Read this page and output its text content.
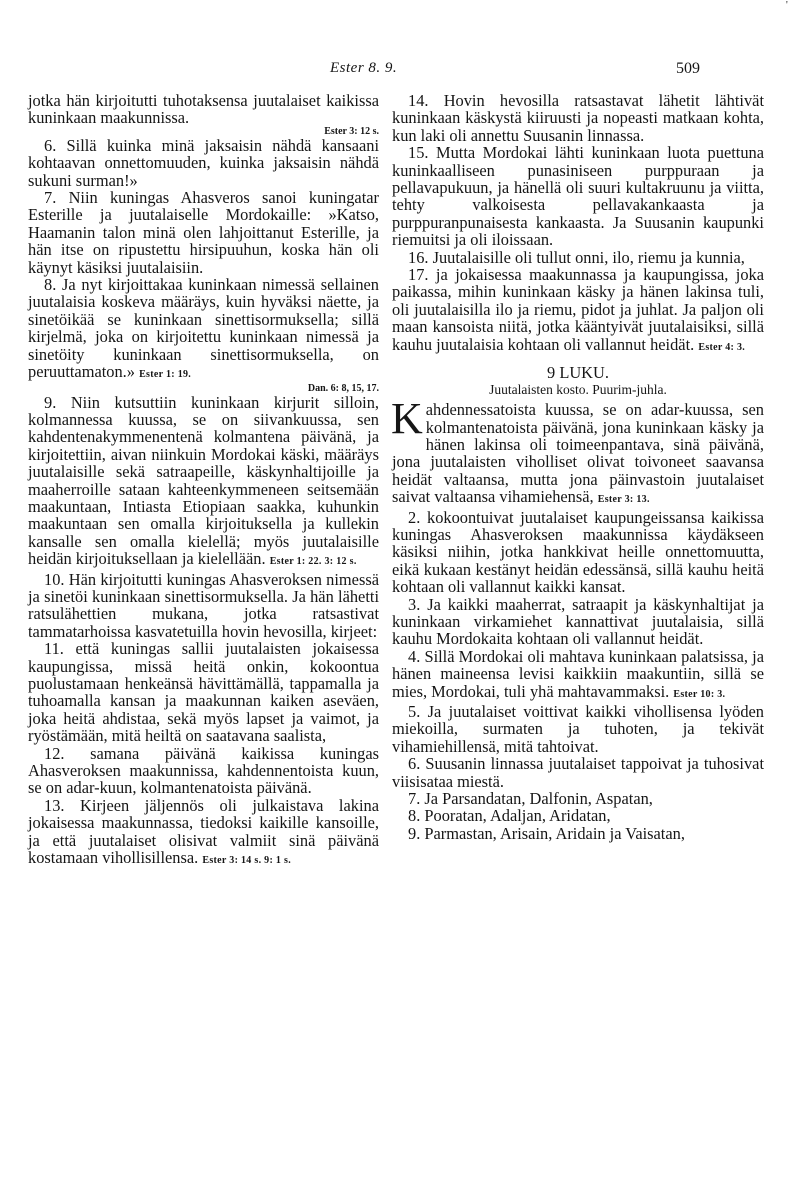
'
Ester 8. 9.	509

jotka hän kirjoitutti tuhotaksensa juutalaiset kaikissa kuninkaan maakunnissa.

Ester 3: 12 s.

6. Sillä kuinka minä jaksaisin nähdä kansaani kohtaavan onnettomuuden, kuinka jaksaisin nähdä sukuni surman!»

7. Niin kuningas Ahasveros sanoi kuningatar Esterille ja juutalaiselle Mordokaille: »Katso, Haamanin talon minä olen lahjoittanut Esterille, ja hän itse on ripustettu hirsipuuhun, koska hän oli käynyt käsiksi juutalaisiin.

8. Ja nyt kirjoittakaa kuninkaan nimessä sellainen juutalaisia koskeva määräys, kuin hyväksi näette, ja sinetöikää se kuninkaan sinettisormuksella; sillä kirjelmä, joka on kirjoitettu kuninkaan nimessä ja sinetöity kuninkaan sinettisormuksella, on peruuttamaton.» Ester 1: 19.

Dan. 6: 8, 15, 17.

9. Niin kutsuttiin kuninkaan kirjurit silloin, kolmannessa kuussa, se on siivankuussa, sen kahdentenakymmenentenä kolmantena päivänä, ja kirjoitettiin, aivan niinkuin Mordokai käski, määräys juutalaisille sekä satraapeille, käskynhaltijoille ja maaherroille sataan kahteenkymmeneen seitsemään maakuntaan, Intiasta Etiopiaan saakka, kuhunkin maakuntaan sen omalla kirjoituksella ja kullekin kansalle sen omalla kielellä; myös juutalaisille heidän kirjoituksellaan ja kielellään. Ester 1: 22. 3: 12 s.

10. Hän kirjoitutti kuningas Ahasveroksen nimessä ja sinetöi kuninkaan sinettisormuksella. Ja hän lähetti ratsulähettien mukana, jotka ratsastivat tammatarhoissa kasvatetuilla hovin hevosilla, kirjeet:

11. että kuningas sallii juutalaisten jokaisessa kaupungissa, missä heitä onkin, kokoontua puolustamaan henkeänsä hävittämällä, tappamalla ja tuhoamalla kansan ja maakunnan kaiken aseväen, joka heitä ahdistaa, sekä myös lapset ja vaimot, ja ryöstämään, mitä heiltä on saatavana saalista,

12. samana päivänä kaikissa kuningas Ahasveroksen maakunnissa, kahdennentoista kuun, se on adar-kuun, kolmantenatoista päivänä.

13. Kirjeen jäljennös oli julkaistava lakina jokaisessa maakunnassa, tiedoksi kaikille kansoille, ja että juutalaiset olisivat valmiit sinä päivänä kostamaan vihollisillensa. Ester 3: 14 s. 9: 1 s.

14. Hovin hevosilla ratsastavat lähetit lähtivät kuninkaan käskystä kiiruusti ja nopeasti matkaan kohta, kun laki oli annettu Suusanin linnassa.

15. Mutta Mordokai lähti kuninkaan luota puettuna kuninkaalliseen punasiniseen purppuraan ja pellavapukuun, ja hänellä oli suuri kultakruunu ja viitta, tehty valkoisesta pellavakankaasta ja purppuranpunaisesta kankaasta. Ja Suusanin kaupunki riemuitsi ja oli iloissaan.

16. Juutalaisille oli tullut onni, ilo, riemu ja kunnia,

17. ja jokaisessa maakunnassa ja kaupungissa, joka paikassa, mihin kuninkaan käsky ja hänen lakinsa tuli, oli juutalaisilla ilo ja riemu, pidot ja juhlat. Ja paljon oli maan kansoista niitä, jotka kääntyivät juutalaisiksi, sillä kauhu juutalaisia kohtaan oli vallannut heidät. Ester 4: 3.

9 LUKU.
Juutalaisten kosto. Puurim-juhla.

Kahdennessatoista kuussa, se on adar-kuussa, sen kolmantenatoista päivänä, jona kuninkaan käsky ja hänen lakinsa oli toimeenpantava, sinä päivänä, jona juutalaisten viholliset olivat toivoneet saavansa heidät valtaansa, mutta jona päinvastoin juutalaiset saivat valtaansa vihamiehensä, Ester 3: 13.

2. kokoontuivat juutalaiset kaupungeissansa kaikissa kuningas Ahasveroksen maakunnissa käydäkseen käsiksi niihin, jotka hankkivat heille onnettomuutta, eikä kukaan kestänyt heidän edessänsä, sillä kauhu heitä kohtaan oli vallannut kaikki kansat.

3. Ja kaikki maaherrat, satraapit ja käskynhaltijat ja kuninkaan virkamiehet kannattivat juutalaisia, sillä kauhu Mordokaita kohtaan oli vallannut heidät.

4. Sillä Mordokai oli mahtava kuninkaan palatsissa, ja hänen maineensa levisi kaikkiin maakuntiin, sillä se mies, Mordokai, tuli yhä mahtavammaksi. Ester 10: 3.

5. Ja juutalaiset voittivat kaikki vihollisensa lyöden miekoilla, surmaten ja tuhoten, ja tekivät vihamiehillensä, mitä tahtoivat.

6. Suusanin linnassa juutalaiset tappoivat ja tuhosivat viisisataa miestä.

7. Ja Parsandatan, Dalfonin, Aspatan,

8. Pooratan, Adaljan, Aridatan,

9. Parmastan, Arisain, Aridain ja Vaisatan,
